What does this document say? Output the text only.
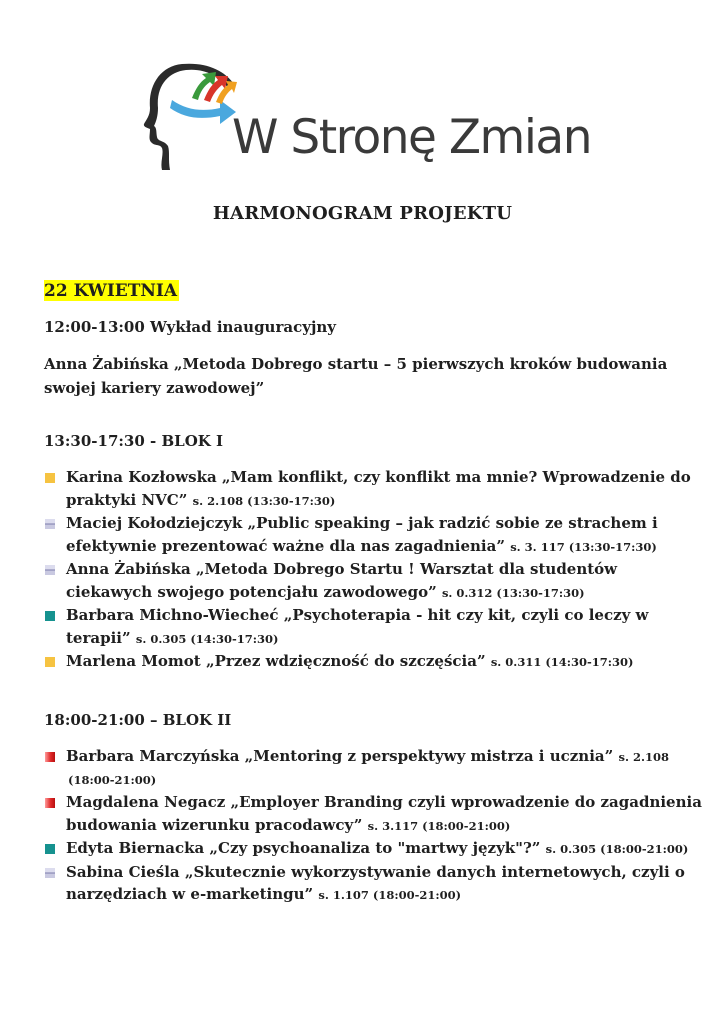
W Stronę Zmian
HARMONOGRAM PROJEKTU
22 KWIETNIA
12:00-13:00 Wykład inauguracyjny
Anna Żabińska „Metoda Dobrego startu – 5 pierwszych kroków budowania swojej kariery zawodowej”
13:30-17:30 - BLOK I
Karina Kozłowska „Mam konflikt, czy konflikt ma mnie? Wprowadzenie do praktyki NVC” s. 2.108 (13:30-17:30)
Maciej Kołodziejczyk „Public speaking – jak radzić sobie ze strachem i efektywnie prezentować ważne dla nas zagadnienia” s. 3. 117 (13:30-17:30)
Anna Żabińska „Metoda Dobrego Startu ! Warsztat dla studentów ciekawych swojego potencjału zawodowego” s. 0.312 (13:30-17:30)
Barbara Michno-Wiecheć „Psychoterapia - hit czy kit, czyli co leczy w terapii” s. 0.305 (14:30-17:30)
Marlena Momot „Przez wdzięczność do szczęścia” s. 0.311 (14:30-17:30)
18:00-21:00 – BLOK II
Barbara Marczyńska „Mentoring z perspektywy mistrza i ucznia” s. 2.108
(18:00-21:00)
Magdalena Negacz „Employer Branding czyli wprowadzenie do zagadnienia budowania wizerunku pracodawcy” s. 3.117 (18:00-21:00)
Edyta Biernacka „Czy psychoanaliza to "martwy język"?” s. 0.305 (18:00-21:00)
Sabina Cieśla „Skutecznie wykorzystywanie danych internetowych, czyli o narzędziach w e-marketingu” s. 1.107 (18:00-21:00)
